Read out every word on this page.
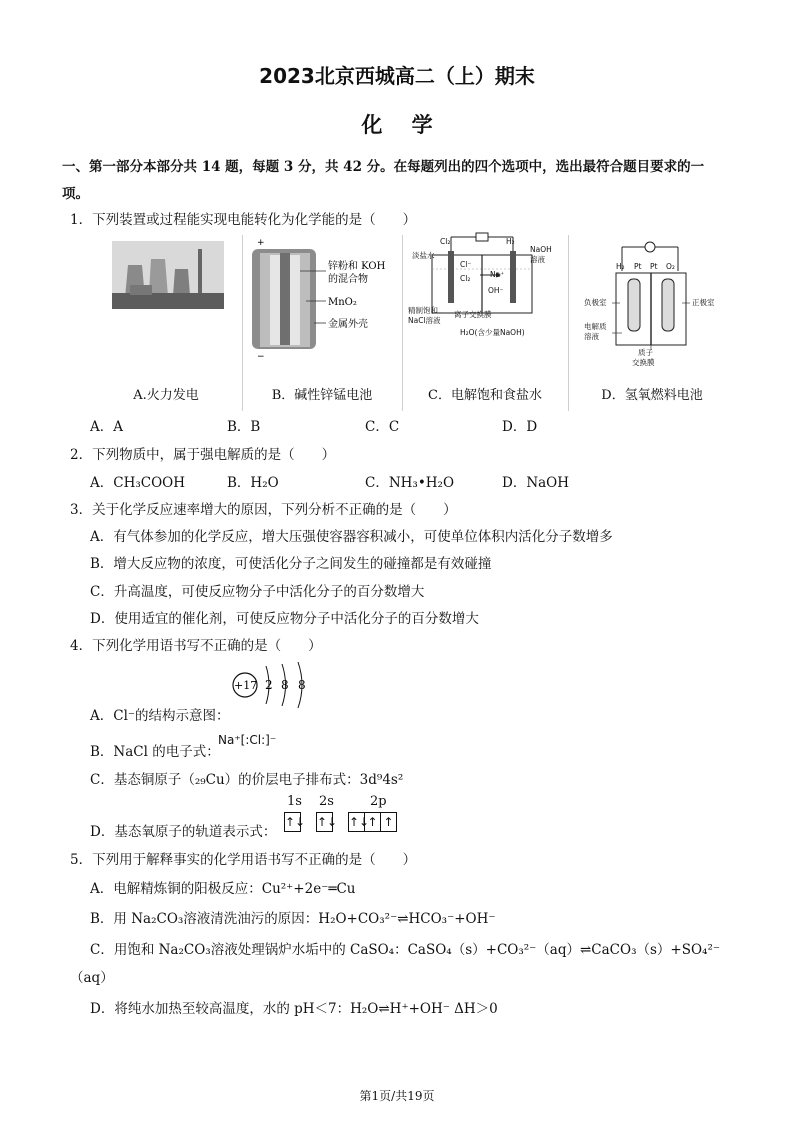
2023北京西城高二（上）期末
化    学
一、第一部分本部分共 14 题，每题 3 分，共 42 分。在每题列出的四个选项中，选出最符合题目要求的一
项。
1．下列装置或过程能实现电能转化为化学能的是（　　）
A.火力发电
+
−
锌粉和 KOH
的混合物
MnO₂
金属外壳
B．碱性锌锰电池
Cl₂	H₂
淡盐水
NaOH
溶液
精制饱和
NaCl溶液
离子交换膜
H₂O(含少量NaOH)
Cl⁻
Cl₂	Na⁺
OH⁻
C．电解饱和食盐水
H₂ Pt Pt O₂
负极室	正极室
电解质
溶液
质子
交换膜
D．氢氧燃料电池
A．A	B．B	C．C	D．D
2．下列物质中，属于强电解质的是（　　）
A．CH₃COOH	B．H₂O	C．NH₃•H₂O	D．NaOH
3．关于化学反应速率增大的原因，下列分析不正确的是（　　）
A．有气体参加的化学反应，增大压强使容器容积减小，可使单位体积内活化分子数增多
B．增大反应物的浓度，可使活化分子之间发生的碰撞都是有效碰撞
C．升高温度，可使反应物分子中活化分子的百分数增大
D．使用适宜的催化剂，可使反应物分子中活化分子的百分数增大
4．下列化学用语书写不正确的是（　　）
+17 2 8 8
A．Cl⁻的结构示意图：
B．NaCl 的电子式：
Na⁺[:Cl:]⁻
C．基态铜原子（₂₉Cu）的价层电子排布式：3d⁹4s²
D．基态氧原子的轨道表示式：
1s 2s	2p
↑↓ ↑↓ ↑↓↑ ↑
5．下列用于解释事实的化学用语书写不正确的是（　　）
A．电解精炼铜的阳极反应：Cu²⁺+2e⁻═Cu
B．用 Na₂CO₃溶液清洗油污的原因：H₂O+CO₃²⁻⇌HCO₃⁻+OH⁻
C．用饱和 Na₂CO₃溶液处理锅炉水垢中的 CaSO₄：CaSO₄（s）+CO₃²⁻（aq）⇌CaCO₃（s）+SO₄²⁻
（aq）
D．将纯水加热至较高温度，水的 pH＜7：H₂O⇌H⁺+OH⁻ ΔH＞0
第1页/共19页
